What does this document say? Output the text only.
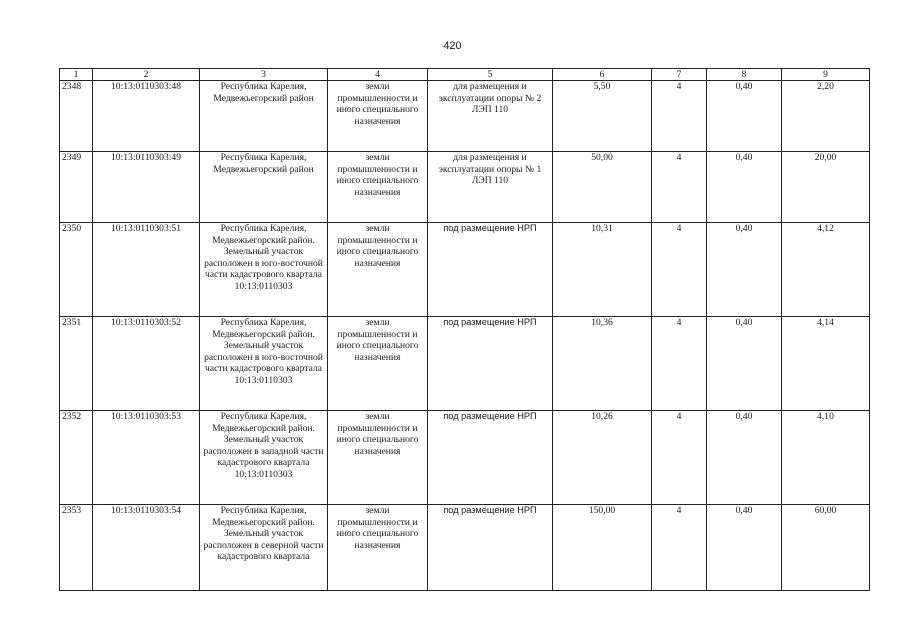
420
1	2	3	4	5	6	7	8	9
2348	10:13:0110303:48	Республика Карелия, Медвежьегорский район	земли промышленности и иного специального назначения	для размещения и эксплуатации опоры № 2 ЛЭП 110	5,50	4	0,40	2,20
2349	10:13:0110303:49	Республика Карелия, Медвежьегорский район	земли промышленности и иного специального назначения	для размещения и эксплуатации опоры № 1 ЛЭП 110	50,00	4	0,40	20,00
2350	10:13:0110303:51	Республика Карелия, Медвежьегорский район. Земельный участок расположен в юго-восточной части кадастрового квартала 10:13:0110303	земли промышленности и иного специального назначения	под размещение НРП	10,31	4	0,40	4,12
2351	10:13:0110303:52	Республика Карелия, Медвежьегорский район. Земельный участок расположен в юго-восточной части кадастрового квартала 10:13:0110303	земли промышленности и иного специального назначения	под размещение НРП	10,36	4	0,40	4,14
2352	10:13:0110303:53	Республика Карелия, Медвежьегорский район. Земельный участок расположен в западной части кадастрового квартала 10:13:0110303	земли промышленности и иного специального назначения	под размещение НРП	10,26	4	0,40	4,10
2353	10:13:0110303:54	Республика Карелия, Медвежьегорский район. Земельный участок расположен в северной части кадастрового квартала	земли промышленности и иного специального назначения	под размещение НРП	150,00	4	0,40	60,00
